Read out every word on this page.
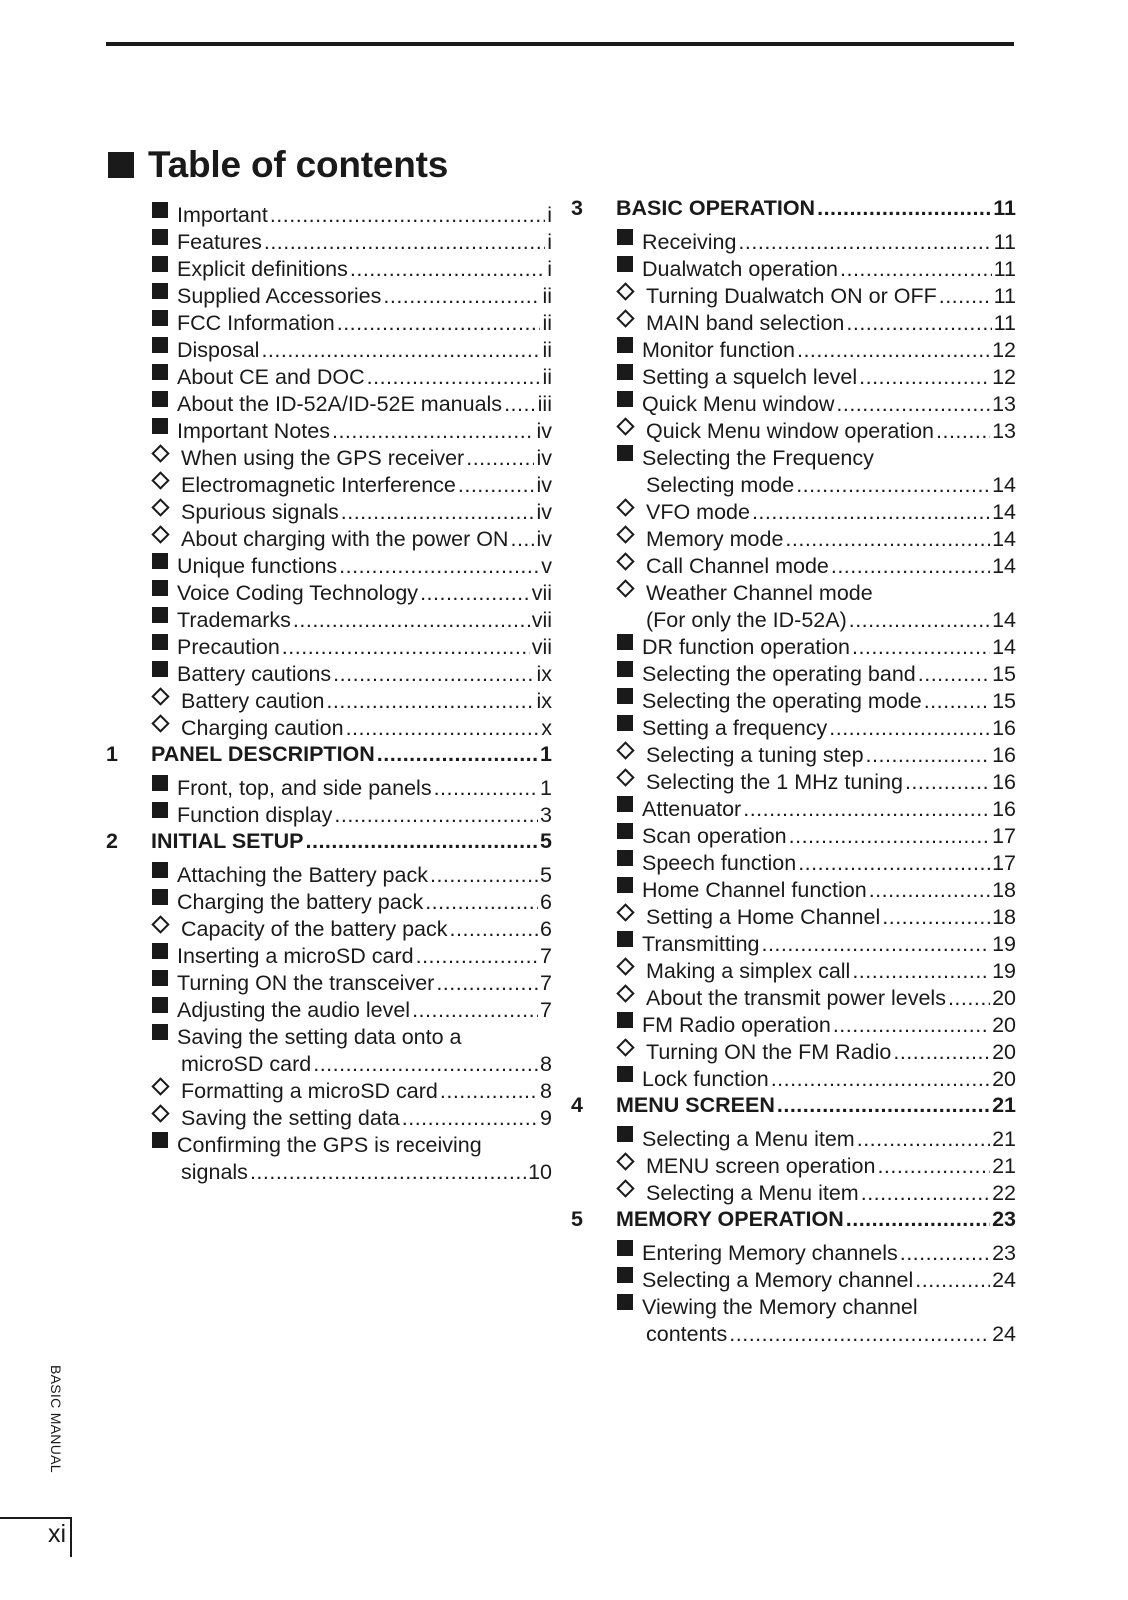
Table of contents
Important .....	i
Features .....	i
Explicit definitions .....	i
Supplied Accessories .....	ii
FCC Information .....	ii
Disposal .....	ii
About CE and DOC .....	ii
About the ID-52A/ID-52E manuals ..... iii
Important Notes .....	iv
When using the GPS receiver .....	iv
Electromagnetic Interference .....	iv
Spurious signals .....	iv
About charging with the power ON ..... iv
Unique functions .....	v
Voice Coding Technology .....	vii
Trademarks .....	vii
Precaution .....	vii
Battery cautions .....	ix
Battery caution .....	ix
Charging caution .....	x
1	PANEL DESCRIPTION .....	1
Front, top, and side panels .....	1
Function display .....	3
2	INITIAL SETUP .....	5
Attaching the Battery pack .....	5
Charging the battery pack .....	6
Capacity of the battery pack .....	6
Inserting a microSD card .....	7
Turning ON the transceiver .....	7
Adjusting the audio level .....	7
Saving the setting data onto a
microSD card .....	8
Formatting a microSD card .....	8
Saving the setting data .....	9
Confirming the GPS is receiving
signals .....	10
3	BASIC OPERATION .....	11
Receiving .....	11
Dualwatch operation .....	11
Turning Dualwatch ON or OFF .....	11
MAIN band selection .....	11
Monitor function .....	12
Setting a squelch level .....	12
Quick Menu window .....	13
Quick Menu window operation .....	13
Selecting the Frequency
Selecting mode .....	14
VFO mode .....	14
Memory mode .....	14
Call Channel mode .....	14
Weather Channel mode
(For only the ID-52A) .....	14
DR function operation .....	14
Selecting the operating band .....	15
Selecting the operating mode .....	15
Setting a frequency .....	16
Selecting a tuning step .....	16
Selecting the 1 MHz tuning .....	16
Attenuator .....	16
Scan operation .....	17
Speech function .....	17
Home Channel function .....	18
Setting a Home Channel .....	18
Transmitting .....	19
Making a simplex call .....	19
About the transmit power levels ..... 20
FM Radio operation .....	20
Turning ON the FM Radio .....	20
Lock function .....	20
4	MENU SCREEN .....	21
Selecting a Menu item .....	21
MENU screen operation .....	21
Selecting a Menu item .....	22
5	MEMORY OPERATION .....	23
Entering Memory channels .....	23
Selecting a Memory channel .....	24
Viewing the Memory channel
contents .....	24
BASIC MANUAL
xi
